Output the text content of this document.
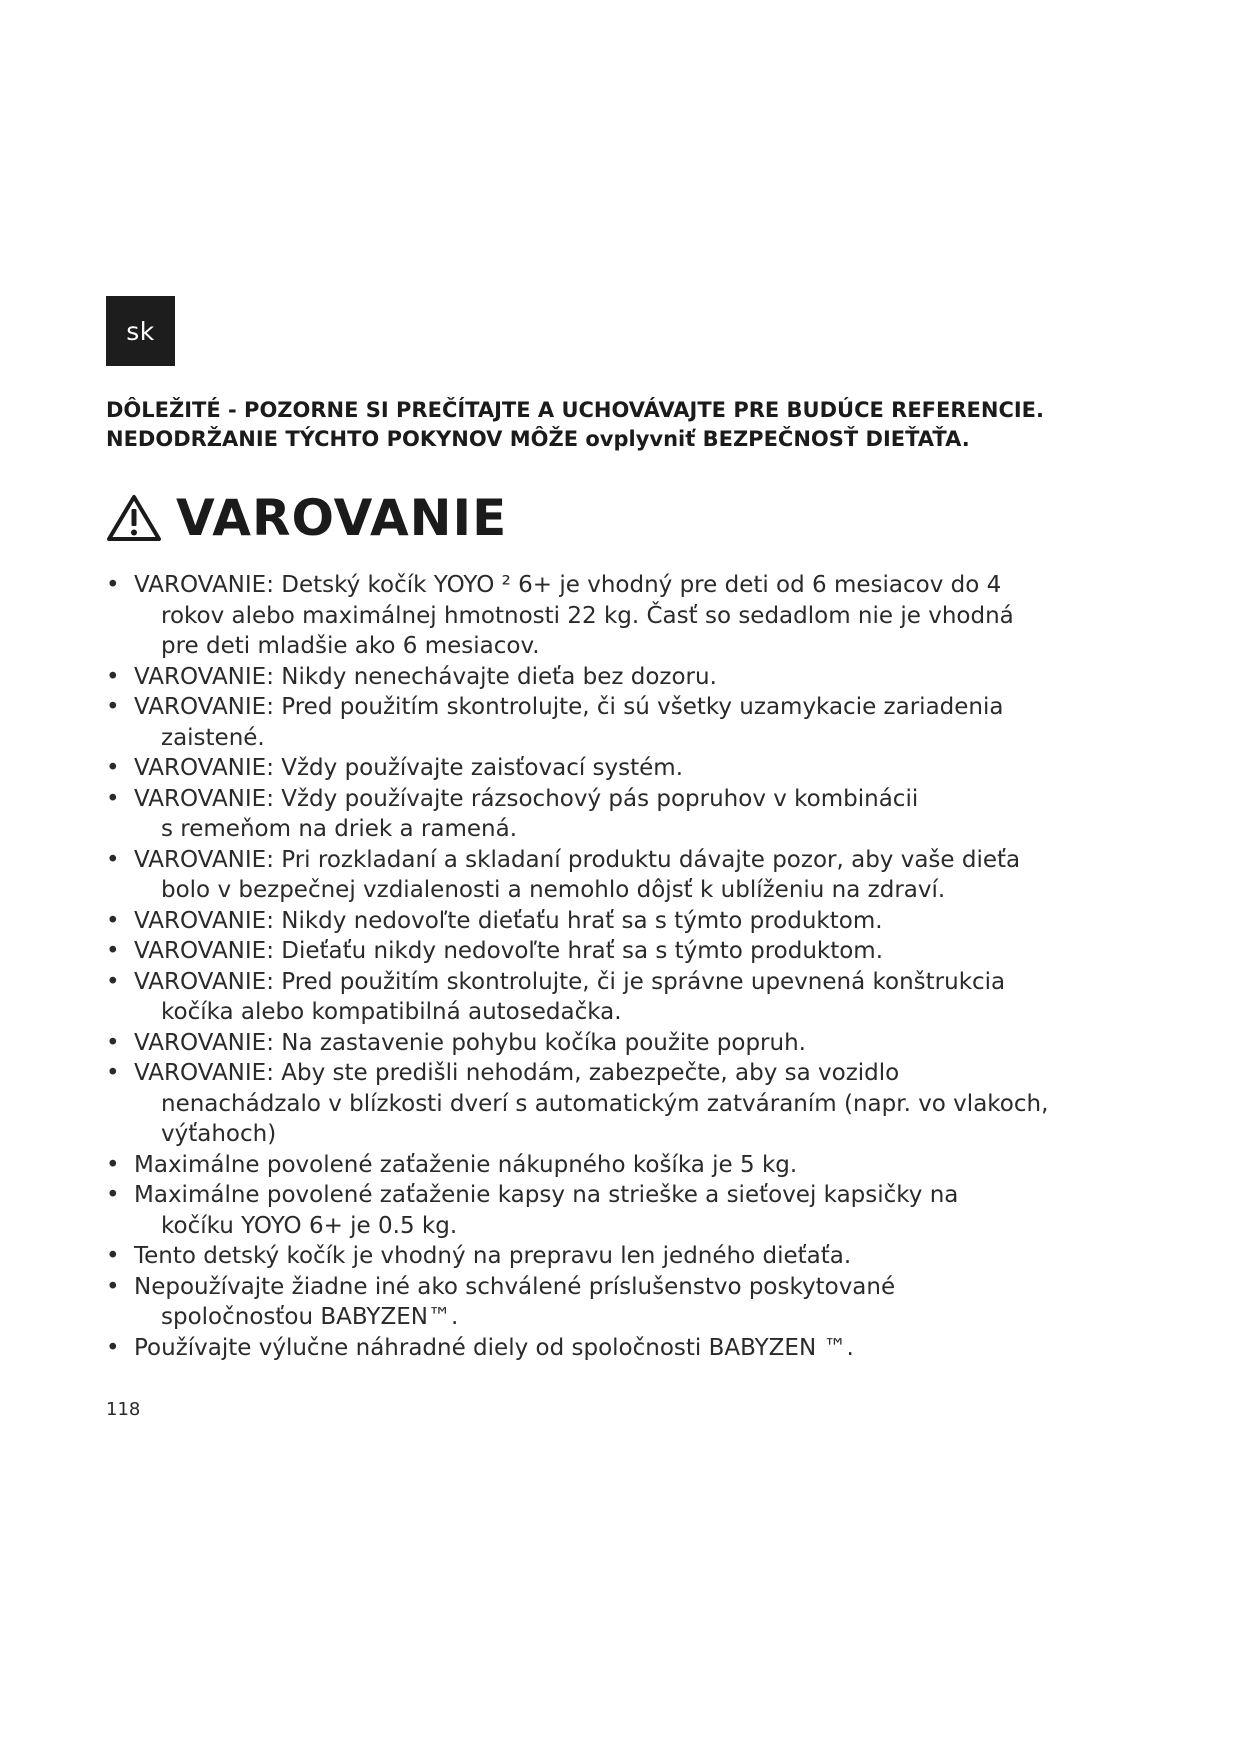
sk
DÔLEŽITÉ - POZORNE SI PREČÍTAJTE A UCHOVÁVAJTE PRE BUDÚCE REFERENCIE.
NEDODRŽANIE TÝCHTO POKYNOV MÔŽE ovplyvniť BEZPEČNOSŤ DIEŤAŤA.
VAROVANIE
• VAROVANIE: Detský kočík YOYO ² 6+ je vhodný pre deti od 6 mesiacov do 4
rokov alebo maximálnej hmotnosti 22 kg. Časť so sedadlom nie je vhodná
pre deti mladšie ako 6 mesiacov.
• VAROVANIE: Nikdy nenechávajte dieťa bez dozoru.
• VAROVANIE: Pred použitím skontrolujte, či sú všetky uzamykacie zariadenia
zaistené.
• VAROVANIE: Vždy používajte zaisťovací systém.
• VAROVANIE: Vždy používajte rázsochový pás popruhov v kombinácii
s remeňom na driek a ramená.
• VAROVANIE: Pri rozkladaní a skladaní produktu dávajte pozor, aby vaše dieťa
bolo v bezpečnej vzdialenosti a nemohlo dôjsť k ublíženiu na zdraví.
• VAROVANIE: Nikdy nedovoľte dieťaťu hrať sa s týmto produktom.
• VAROVANIE: Dieťaťu nikdy nedovoľte hrať sa s týmto produktom.
• VAROVANIE: Pred použitím skontrolujte, či je správne upevnená konštrukcia
kočíka alebo kompatibilná autosedačka.
• VAROVANIE: Na zastavenie pohybu kočíka použite popruh.
• VAROVANIE: Aby ste predišli nehodám, zabezpečte, aby sa vozidlo
nenachádzalo v blízkosti dverí s automatickým zatváraním (napr. vo vlakoch,
výťahoch)
• Maximálne povolené zaťaženie nákupného košíka je 5 kg.
• Maximálne povolené zaťaženie kapsy na strieške a sieťovej kapsičky na
kočíku YOYO 6+ je 0.5 kg.
• Tento detský kočík je vhodný na prepravu len jedného dieťaťa.
• Nepoužívajte žiadne iné ako schválené príslušenstvo poskytované
spoločnosťou BABYZEN™.
• Používajte výlučne náhradné diely od spoločnosti BABYZEN ™.
118
